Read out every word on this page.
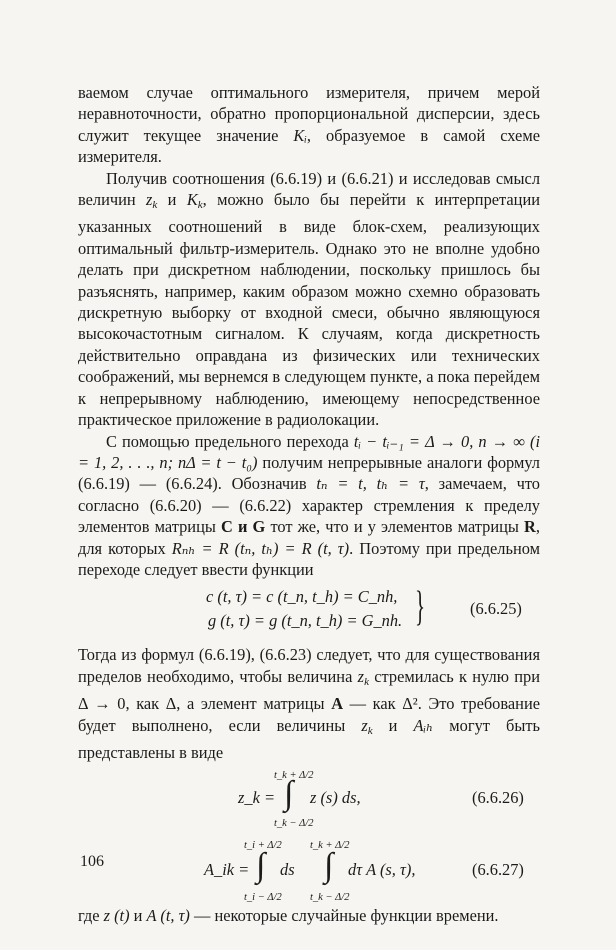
ваемом случае оптимального измерителя, причем мерой неравноточности, обратно пропорциональной дисперсии, здесь служит текущее значение Kᵢ, образуемое в самой схеме измерителя.

Получив соотношения (6.6.19) и (6.6.21) и исследовав смысл величин $z_k$ и $K_k$, можно было бы перейти к интерпретации указанных соотношений в виде блок-схем, реализующих оптимальный фильтр-измеритель. Однако это не вполне удобно делать при дискретном наблюдении, поскольку пришлось бы разъяснять, например, каким образом можно схемно образовать дискретную выборку от входной смеси, обычно являющуюся высокочастотным сигналом. К случаям, когда дискретность действительно оправдана из физических или технических соображений, мы вернемся в следующем пункте, а пока перейдем к непрерывному наблюдению, имеющему непосредственное практическое приложение в радиолокации.

С помощью предельного перехода tᵢ − tᵢ₋₁ = Δ → 0, n → ∞ (i = 1, 2, . . ., n; nΔ = t − t₀) получим непрерывные аналоги формул (6.6.19) — (6.6.24). Обозначив tₙ = t, tₕ = τ, замечаем, что согласно (6.6.20) — (6.6.22) характер стремления к пределу элементов матрицы C и G тот же, что и у элементов матрицы R, для которых Rₙₕ = R (tₙ, tₕ) = R (t, τ). Поэтому при предельном переходе следует ввести функции

c (t, τ) = c (t_n, t_h) = C_nh,
g (t, τ) = g (t_n, t_h) = G_nh. }	(6.6.25)

Тогда из формул (6.6.19), (6.6.23) следует, что для существования пределов необходимо, чтобы величина $z_k$ стремилась к нулю при Δ → 0, как Δ, а элемент матрицы A — как Δ². Это требование будет выполнено, если величины $z_k$ и Aᵢₕ могут быть представлены в виде

t_k + Δ/2
z_k = ∫ z (s) ds,
t_k − Δ/2
(6.6.26)
t_i + Δ/2	t_k + Δ/2
A_ik = ∫ ds ∫ dτ A (s, τ),
t_i − Δ/2	t_k − Δ/2
(6.6.27)

где z (t) и A (t, τ) — некоторые случайные функции времени.

106
